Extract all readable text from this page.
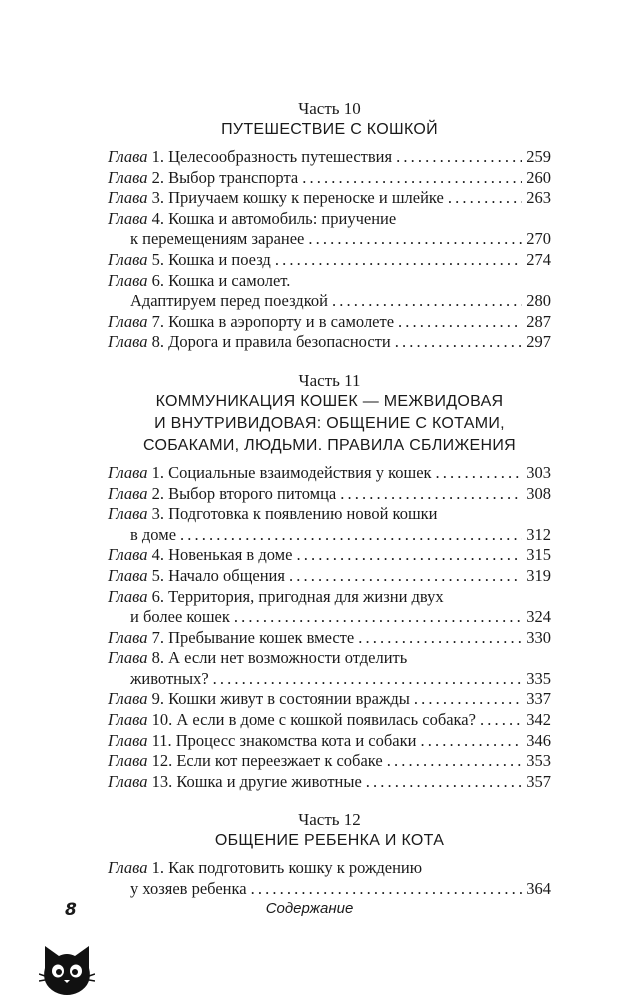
Часть 10
ПУТЕШЕСТВИЕ С КОШКОЙ
Глава 1. Целесообразность путешествия . . .	259
Глава 2. Выбор транспорта . . .	260
Глава 3. Приучаем кошку к переноске и шлейке . . .	263
Глава 4. Кошка и автомобиль: приучение
к перемещениям заранее . . .	270
Глава 5. Кошка и поезд . . .	274
Глава 6. Кошка и самолет.
Адаптируем перед поездкой . . .	280
Глава 7. Кошка в аэропорту и в самолете . . .	287
Глава 8. Дорога и правила безопасности . . .	297
Часть 11
КОММУНИКАЦИЯ КОШЕК — МЕЖВИДОВАЯ
И ВНУТРИВИДОВАЯ: ОБЩЕНИЕ С КОТАМИ,
СОБАКАМИ, ЛЮДЬМИ. ПРАВИЛА СБЛИЖЕНИЯ
Глава 1. Социальные взаимодействия у кошек . . .	303
Глава 2. Выбор второго питомца . . .	308
Глава 3. Подготовка к появлению новой кошки
в доме . . .	312
Глава 4. Новенькая в доме . . .	315
Глава 5. Начало общения . . .	319
Глава 6. Территория, пригодная для жизни двух
и более кошек . . .	324
Глава 7. Пребывание кошек вместе . . .	330
Глава 8. А если нет возможности отделить
животных? . . .	335
Глава 9. Кошки живут в состоянии вражды . . .	337
Глава 10. А если в доме с кошкой появилась собака? . . .	342
Глава 11. Процесс знакомства кота и собаки . . .	346
Глава 12. Если кот переезжает к собаке . . .	353
Глава 13. Кошка и другие животные . . .	357
Часть 12
ОБЩЕНИЕ РЕБЕНКА И КОТА
Глава 1. Как подготовить кошку к рождению
у хозяев ребенка . . .	364
8	Содержание
